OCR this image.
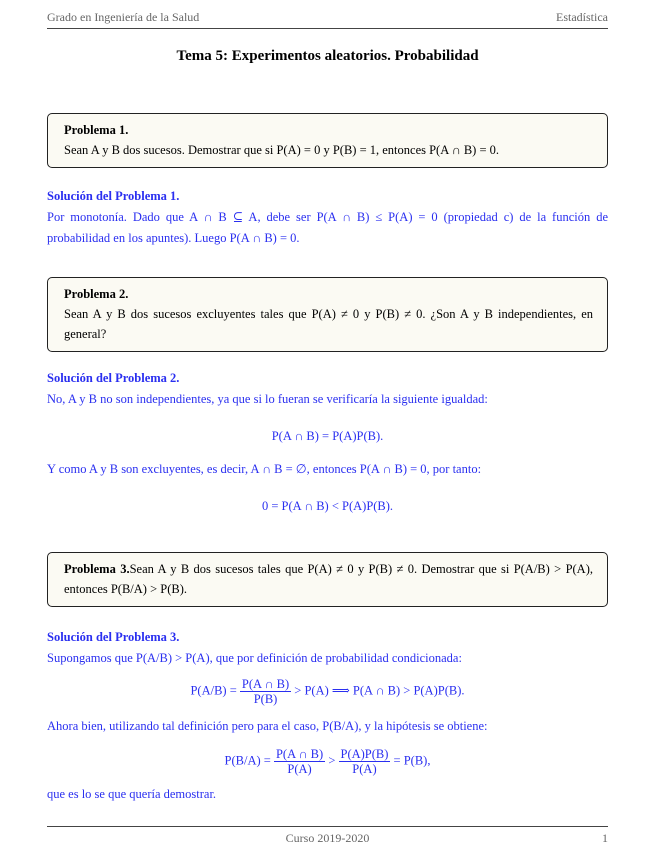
Grado en Ingeniería de la Salud	Estadística
Tema 5: Experimentos aleatorios. Probabilidad
Problema 1.
Sean A y B dos sucesos. Demostrar que si P(A) = 0 y P(B) = 1, entonces P(A ∩ B) = 0.
Solución del Problema 1.
Por monotonía. Dado que A ∩ B ⊆ A, debe ser P(A ∩ B) ≤ P(A) = 0 (propiedad c) de la función de probabilidad en los apuntes). Luego P(A ∩ B) = 0.
Problema 2.
Sean A y B dos sucesos excluyentes tales que P(A) ≠ 0 y P(B) ≠ 0. ¿Son A y B independientes, en general?
Solución del Problema 2.
No, A y B no son independientes, ya que si lo fueran se verificaría la siguiente igualdad:
P(A ∩ B) = P(A)P(B).
Y como A y B son excluyentes, es decir, A ∩ B = ∅, entonces P(A ∩ B) = 0, por tanto:
0 = P(A ∩ B) < P(A)P(B).
Problema 3.Sean A y B dos sucesos tales que P(A) ≠ 0 y P(B) ≠ 0. Demostrar que si P(A/B) > P(A), entonces P(B/A) > P(B).
Solución del Problema 3.
Supongamos que P(A/B) > P(A), que por definición de probabilidad condicionada:
$P(A/B) = \frac{P(A \cap B)}{P(B)} > P(A)$ ⟹ P(A ∩ B) > P(A)P(B).
Ahora bien, utilizando tal definición pero para el caso, P(B/A), y la hipótesis se obtiene:
$P(B/A) = \frac{P(A \cap B)}{P(A)} > \frac{P(A)P(B)}{P(A)} = P(B)$,
que es lo se que quería demostrar.
Curso 2019-2020	1
